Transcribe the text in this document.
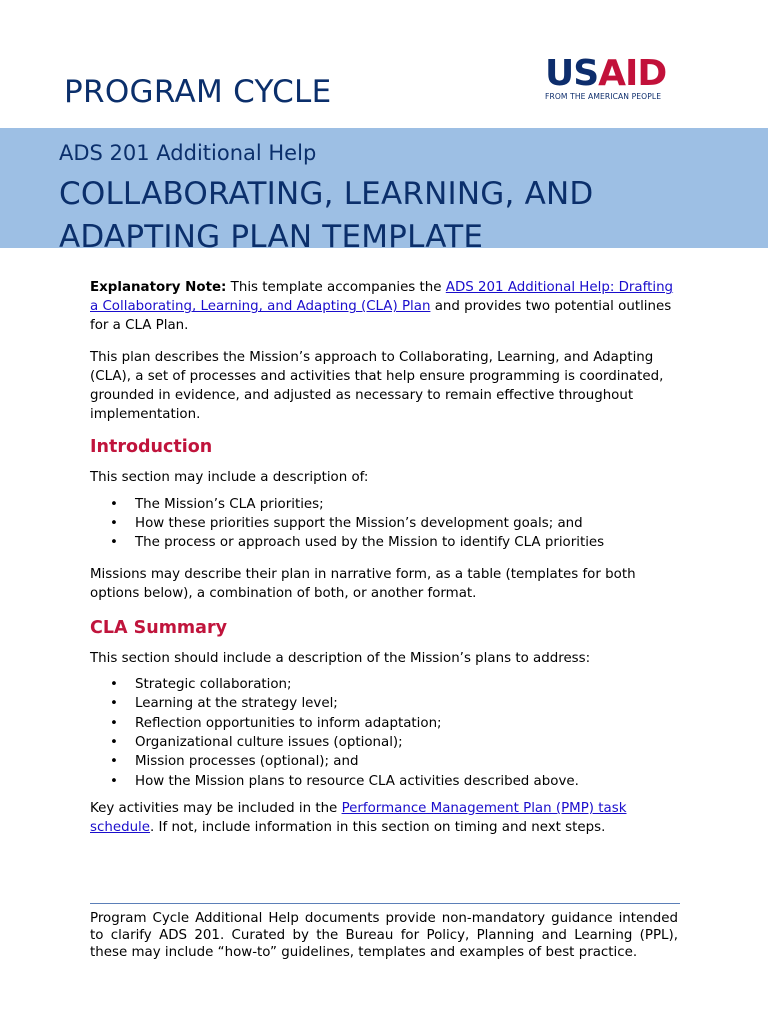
PROGRAM CYCLE	USAID
FROM THE AMERICAN PEOPLE
ADS 201 Additional Help
COLLABORATING, LEARNING, AND
ADAPTING PLAN TEMPLATE

Explanatory Note: This template accompanies the ADS 201 Additional Help: Drafting a Collaborating, Learning, and Adapting (CLA) Plan and provides two potential outlines for a CLA Plan.

This plan describes the Mission’s approach to Collaborating, Learning, and Adapting (CLA), a set of processes and activities that help ensure programming is coordinated, grounded in evidence, and adjusted as necessary to remain effective throughout implementation.

Introduction

This section may include a description of:

• The Mission’s CLA priorities;
• How these priorities support the Mission’s development goals; and
• The process or approach used by the Mission to identify CLA priorities

Missions may describe their plan in narrative form, as a table (templates for both options below), a combination of both, or another format.

CLA Summary

This section should include a description of the Mission’s plans to address:

• Strategic collaboration;
• Learning at the strategy level;
• Reflection opportunities to inform adaptation;
• Organizational culture issues (optional);
• Mission processes (optional); and
• How the Mission plans to resource CLA activities described above.

Key activities may be included in the Performance Management Plan (PMP) task schedule. If not, include information in this section on timing and next steps.

Program Cycle Additional Help documents provide non-mandatory guidance intended to clarify ADS 201. Curated by the Bureau for Policy, Planning and Learning (PPL), these may include “how-to” guidelines, templates and examples of best practice.
